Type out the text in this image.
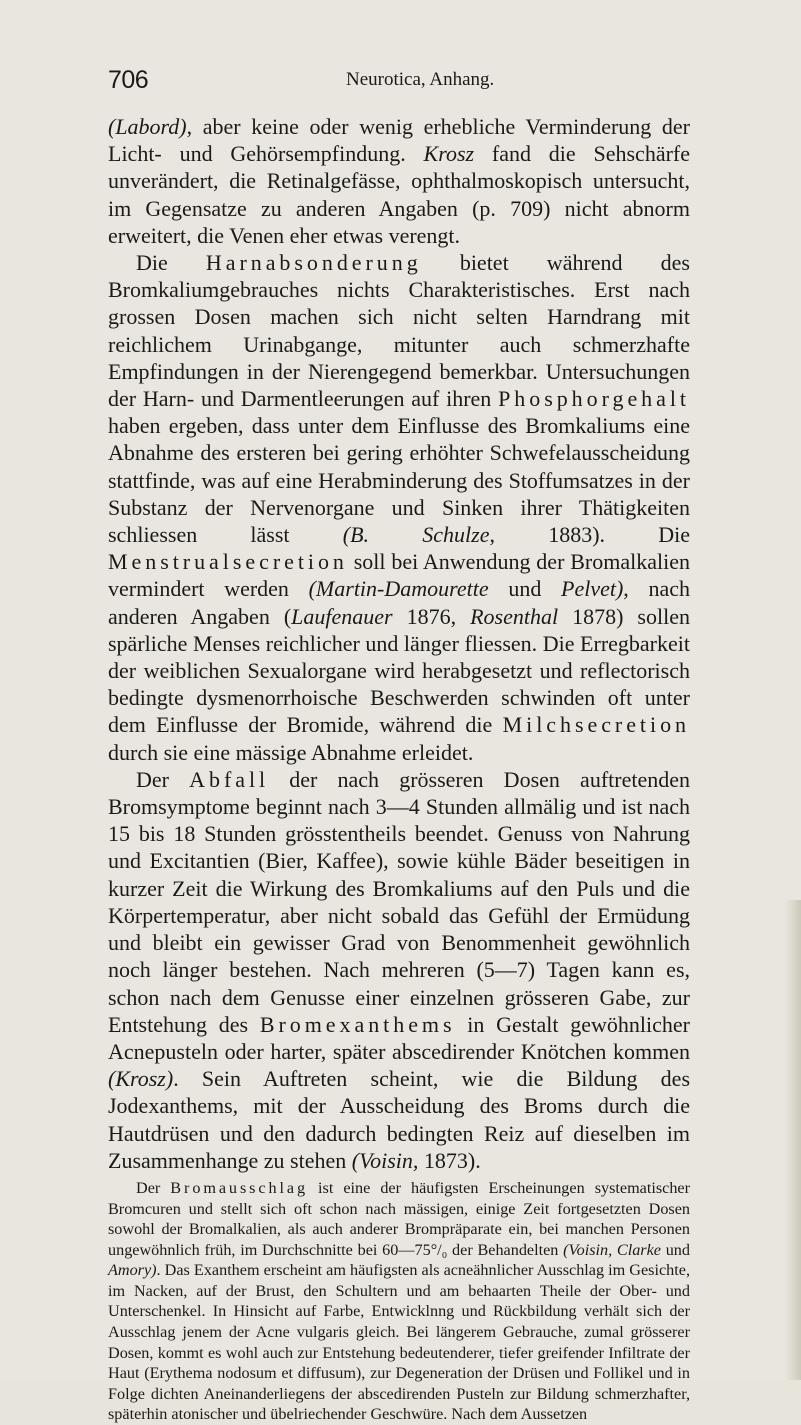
706	Neurotica, Anhang.

(Labord), aber keine oder wenig erhebliche Verminderung der Licht- und Gehörsempfindung. Krosz fand die Sehschärfe unverändert, die Retinalgefässe, ophthalmoskopisch untersucht, im Gegensatze zu anderen Angaben (p. 709) nicht abnorm erweitert, die Venen eher etwas verengt.

Die Harnabsonderung bietet während des Bromkaliumgebrauches nichts Charakteristisches. Erst nach grossen Dosen machen sich nicht selten Harndrang mit reichlichem Urinabgange, mitunter auch schmerzhafte Empfindungen in der Nierengegend bemerkbar. Untersuchungen der Harn- und Darmentleerungen auf ihren Phosphorgehalt haben ergeben, dass unter dem Einflusse des Bromkaliums eine Abnahme des ersteren bei gering erhöhter Schwefelausscheidung stattfinde, was auf eine Herabminderung des Stoffumsatzes in der Substanz der Nervenorgane und Sinken ihrer Thätigkeiten schliessen lässt (B. Schulze, 1883). Die Menstrualsecretion soll bei Anwendung der Bromalkalien vermindert werden (Martin-Damourette und Pelvet), nach anderen Angaben (Laufenauer 1876, Rosenthal 1878) sollen spärliche Menses reichlicher und länger fliessen. Die Erregbarkeit der weiblichen Sexualorgane wird herabgesetzt und reflectorisch bedingte dysmenorrhoische Beschwerden schwinden oft unter dem Einflusse der Bromide, während die Milchsecretion durch sie eine mässige Abnahme erleidet.

Der Abfall der nach grösseren Dosen auftretenden Bromsymptome beginnt nach 3—4 Stunden allmälig und ist nach 15 bis 18 Stunden grösstentheils beendet. Genuss von Nahrung und Excitantien (Bier, Kaffee), sowie kühle Bäder beseitigen in kurzer Zeit die Wirkung des Bromkaliums auf den Puls und die Körpertemperatur, aber nicht sobald das Gefühl der Ermüdung und bleibt ein gewisser Grad von Benommenheit gewöhnlich noch länger bestehen. Nach mehreren (5—7) Tagen kann es, schon nach dem Genusse einer einzelnen grösseren Gabe, zur Entstehung des Bromexanthems in Gestalt gewöhnlicher Acnepusteln oder harter, später abscedirender Knötchen kommen (Krosz). Sein Auftreten scheint, wie die Bildung des Jodexanthems, mit der Ausscheidung des Broms durch die Hautdrüsen und den dadurch bedingten Reiz auf dieselben im Zusammenhange zu stehen (Voisin, 1873).

Der Bromausschlag ist eine der häufigsten Erscheinungen systematischer Bromcuren und stellt sich oft schon nach mässigen, einige Zeit fortgesetzten Dosen sowohl der Bromalkalien, als auch anderer Brompräparate ein, bei manchen Personen ungewöhnlich früh, im Durchschnitte bei 60—75°/₀ der Behandelten (Voisin, Clarke und Amory). Das Exanthem erscheint am häufigsten als acneähnlicher Ausschlag im Gesichte, im Nacken, auf der Brust, den Schultern und am behaarten Theile der Ober- und Unterschenkel. In Hinsicht auf Farbe, Entwicklnng und Rückbildung verhält sich der Ausschlag jenem der Acne vulgaris gleich. Bei längerem Gebrauche, zumal grösserer Dosen, kommt es wohl auch zur Entstehung bedeutenderer, tiefer greifender Infiltrate der Haut (Erythema nodosum et diffusum), zur Degeneration der Drüsen und Follikel und in Folge dichten Aneinanderliegens der abscedirenden Pusteln zur Bildung schmerzhafter, späterhin atonischer und übelriechender Geschwüre. Nach dem Aussetzen
